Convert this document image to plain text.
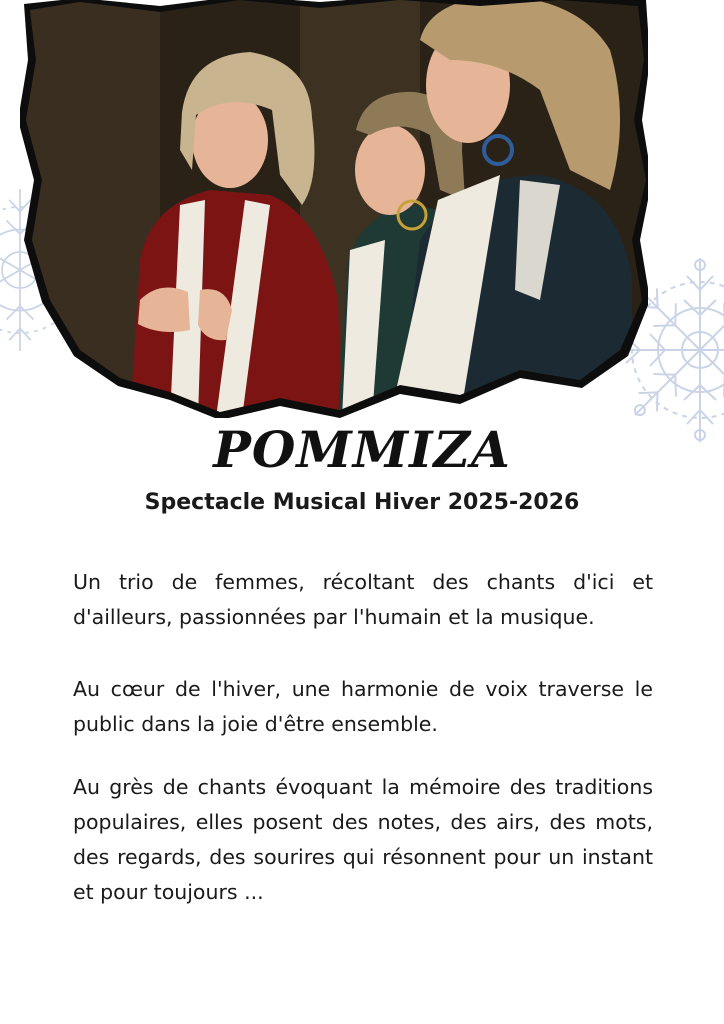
POMMIZA
Spectacle Musical Hiver 2025-2026

Un trio de femmes, récoltant des chants d'ici et d'ailleurs, passionnées par l'humain et la musique.

Au cœur de l'hiver, une harmonie de voix traverse le public dans la joie d'être ensemble.

Au grès de chants évoquant la mémoire des traditions populaires, elles posent des notes, des airs, des mots, des regards, des sourires qui résonnent pour un instant et pour toujours ...
